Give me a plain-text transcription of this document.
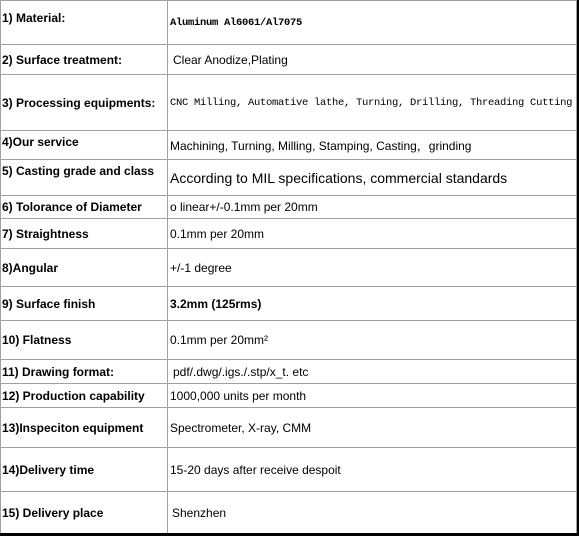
1) Material:	Aluminum Al6061/Al7075
2) Surface treatment:	Clear Anodize,Plating
3) Processing equipments:	CNC Milling, Automative lathe, Turning, Drilling, Threading Cutting
4)Our service	Machining, Turning, Milling, Stamping, Casting，grinding
5) Casting grade and class	According to MIL specifications, commercial standards
6) Tolorance of Diameter	o linear+/-0.1mm per 20mm
7) Straightness	0.1mm per 20mm
8)Angular	+/-1 degree
9) Surface finish	3.2mm (125rms)
10) Flatness	0.1mm per 20mm²
11) Drawing format:	pdf/.dwg/.igs./.stp/x_t. etc
12) Production capability	1000,000 units per month
13)Inspeciton equipment	Spectrometer, X-ray, CMM
14)Delivery time	15-20 days after receive despoit
15) Delivery place	Shenzhen
